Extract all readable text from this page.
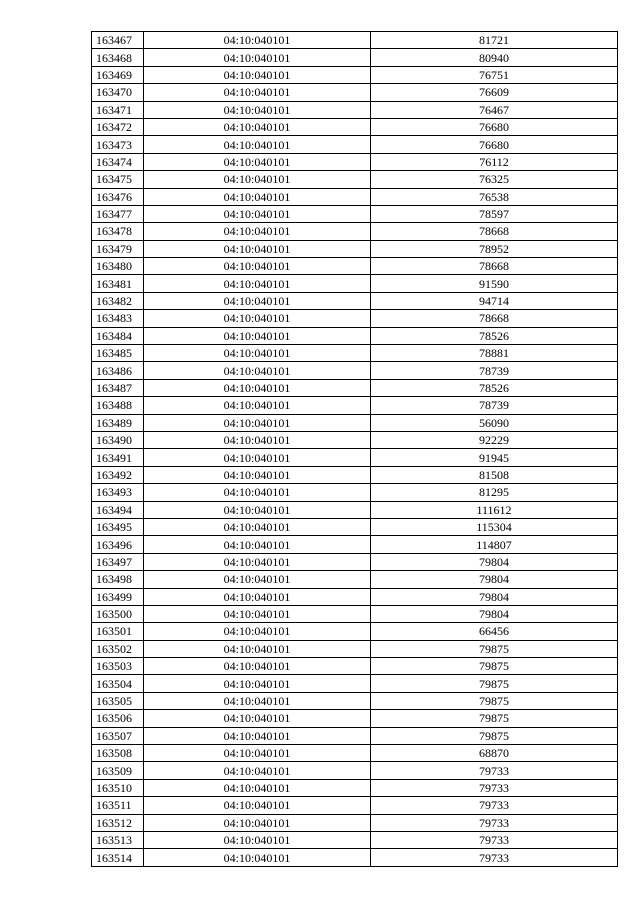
163467	04:10:040101	81721
163468	04:10:040101	80940
163469	04:10:040101	76751
163470	04:10:040101	76609
163471	04:10:040101	76467
163472	04:10:040101	76680
163473	04:10:040101	76680
163474	04:10:040101	76112
163475	04:10:040101	76325
163476	04:10:040101	76538
163477	04:10:040101	78597
163478	04:10:040101	78668
163479	04:10:040101	78952
163480	04:10:040101	78668
163481	04:10:040101	91590
163482	04:10:040101	94714
163483	04:10:040101	78668
163484	04:10:040101	78526
163485	04:10:040101	78881
163486	04:10:040101	78739
163487	04:10:040101	78526
163488	04:10:040101	78739
163489	04:10:040101	56090
163490	04:10:040101	92229
163491	04:10:040101	91945
163492	04:10:040101	81508
163493	04:10:040101	81295
163494	04:10:040101	111612
163495	04:10:040101	115304
163496	04:10:040101	114807
163497	04:10:040101	79804
163498	04:10:040101	79804
163499	04:10:040101	79804
163500	04:10:040101	79804
163501	04:10:040101	66456
163502	04:10:040101	79875
163503	04:10:040101	79875
163504	04:10:040101	79875
163505	04:10:040101	79875
163506	04:10:040101	79875
163507	04:10:040101	79875
163508	04:10:040101	68870
163509	04:10:040101	79733
163510	04:10:040101	79733
163511	04:10:040101	79733
163512	04:10:040101	79733
163513	04:10:040101	79733
163514	04:10:040101	79733
